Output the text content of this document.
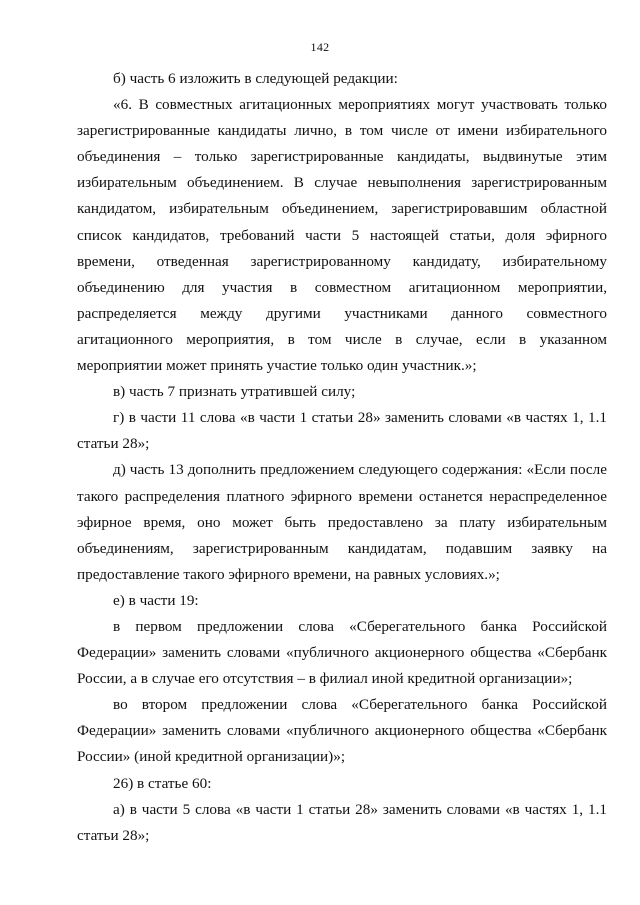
142

б) часть 6 изложить в следующей редакции:

«6. В совместных агитационных мероприятиях могут участвовать только зарегистрированные кандидаты лично, в том числе от имени избирательного объединения – только зарегистрированные кандидаты, выдвинутые этим избирательным объединением. В случае невыполнения зарегистрированным кандидатом, избирательным объединением, зарегистрировавшим областной список кандидатов, требований части 5 настоящей статьи, доля эфирного времени, отведенная зарегистрированному кандидату, избирательному объединению для участия в совместном агитационном мероприятии, распределяется между другими участниками данного совместного агитационного мероприятия, в том числе в случае, если в указанном мероприятии может принять участие только один участник.»;

в) часть 7 признать утратившей силу;

г) в части 11 слова «в части 1 статьи 28» заменить словами «в частях 1, 1.1 статьи 28»;

д) часть 13 дополнить предложением следующего содержания: «Если после такого распределения платного эфирного времени останется нераспределенное эфирное время, оно может быть предоставлено за плату избирательным объединениям, зарегистрированным кандидатам, подавшим заявку на предоставление такого эфирного времени, на равных условиях.»;

е) в части 19:

в первом предложении слова «Сберегательного банка Российской Федерации» заменить словами «публичного акционерного общества «Сбербанк России, а в случае его отсутствия – в филиал иной кредитной организации»;

во втором предложении слова «Сберегательного банка Российской Федерации» заменить словами «публичного акционерного общества «Сбербанк России» (иной кредитной организации)»;

26) в статье 60:

а) в части 5 слова «в части 1 статьи 28» заменить словами «в частях 1, 1.1 статьи 28»;
